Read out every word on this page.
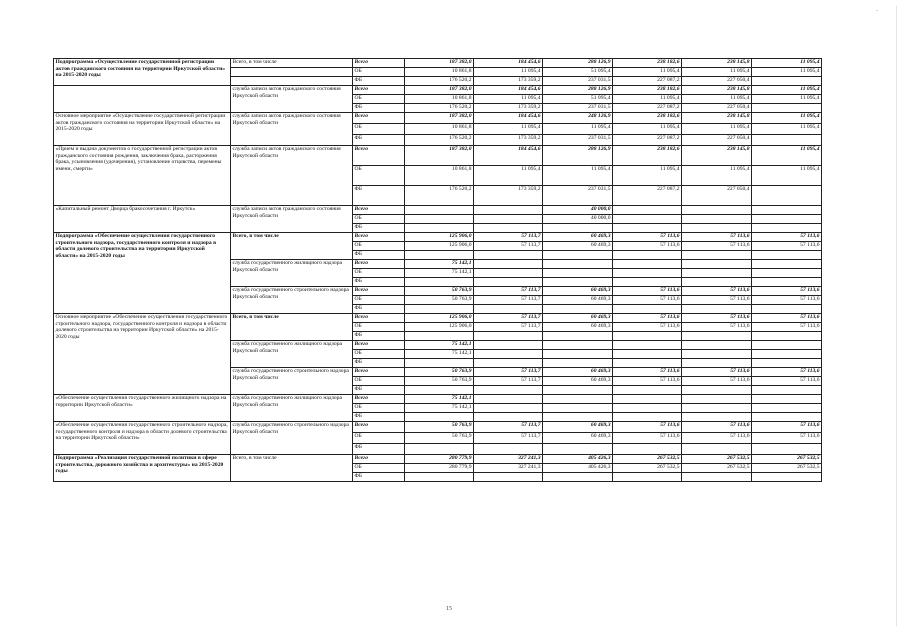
-
Подпрограмма «Осуществление государственной регистрации актов гражданского состояния на территории Иркутской области» на 2015-2020 годы	Всего, в том числе	Всего	187 382,0	184 454,6	288 126,9	238 182,6	238 145,8	11 095,4
		ОБ	10 861,8	11 095,4	51 095,4	11 095,4	11 095,4	11 095,4
		ФБ	176 520,2	173 359,2	237 031,5	227 087,2	227 050,4	
	служба записи актов гражданского состояния Иркутской области	Всего	187 382,0	184 454,6	288 126,9	238 182,6	238 145,8	11 095,4
		ОБ	10 861,8	11 095,4	51 095,4	11 095,4	11 095,4	11 095,4
		ФБ	176 520,2	173 359,2	237 031,5	227 087,2	227 050,4	
Основное мероприятие «Осуществление государственной регистрации актов гражданского состояния на территории Иркутской области» на 2015-2020 годы	служба записи актов гражданского состояния Иркутской области	Всего	187 382,0	184 454,6	248 126,9	238 182,6	238 145,8	11 095,4
		ОБ	10 861,8	11 095,4	11 095,4	11 095,4	11 095,4	11 095,4
		ФБ	176 520,2	173 359,2	237 031,5	227 087,2	227 050,4	
«Прием и выдача документов о государственной регистрации актов гражданского состояния рождения, заключения брака, расторжения брака, усыновления (удочерения), установление отцовства, перемены имени, смерти»	служба записи актов гражданского состояния Иркутской области	Всего	187 382,0	184 454,6	288 126,9	238 182,6	238 145,8	11 095,4
		ОБ	10 861,8	11 095,4	11 095,4	11 095,4	11 095,4	11 095,4
		ФБ	176 520,2	173 359,2	237 031,5	227 087,2	227 050,4	
«Капитальный ремонт Дворца бракосочетания г. Иркутск»	служба записи актов гражданского состояния Иркутской области	Всего			40 000,0			
		ОБ			40 000,0			
		ФБ						
Подпрограмма «Обеспечение осуществления государственного строительного надзора, государственного контроля и надзора в области долевого строительства на территории Иркутской области» на 2015-2020 годы	Всего, в том числе	Всего	125 906,0	57 113,7	60 469,3	57 113,6	57 113,6	57 113,6
		ОБ	125 906,0	57 113,7	60 469,3	57 113,6	57 113,6	57 113,6
		ФБ						
	служба государственного жилищного надзора Иркутской области	Всего	75 142,1					
		ОБ	75 142,1					
		ФБ						
	служба государственного строительного надзора Иркутской области	Всего	50 763,9	57 113,7	60 469,3	57 113,6	57 113,6	57 113,6
		ОБ	50 763,9	57 113,7	60 469,3	57 113,6	57 113,6	57 113,6
		ФБ						
Основное мероприятие «Обеспечение осуществления государственного строительного надзора, государственного контроля и надзора в области долевого строительства на территории Иркутской области» на 2015-2020 годы	Всего, в том числе	Всего	125 906,0	57 113,7	60 469,3	57 113,6	57 113,6	57 113,6
		ОБ	125 906,0	57 113,7	60 469,3	57 113,6	57 113,6	57 113,6
		ФБ						
	служба государственного жилищного надзора Иркутской области	Всего	75 142,1					
		ОБ	75 142,1					
		ФБ						
	служба государственного строительного надзора Иркутской области	Всего	50 763,9	57 113,7	60 469,3	57 113,6	57 113,6	57 113,6
		ОБ	50 763,9	57 113,7	60 469,3	57 113,6	57 113,6	57 113,6
		ФБ						
«Обеспечение осуществления государственного жилищного надзора на территории Иркутской области»	служба государственного жилищного надзора Иркутской области	Всего	75 142,1					
		ОБ	75 142,1					
		ФБ						
«Обеспечение осуществления государственного строительного надзора, государственного контроля и надзора в области долевого строительства на территории Иркутской области»	служба государственного строительного надзора Иркутской области	Всего	50 763,9	57 113,7	60 469,3	57 113,6	57 113,6	57 113,6
		ОБ	50 763,9	57 113,7	60 469,3	57 113,6	57 113,6	57 113,6
		ФБ						
Подпрограмма «Реализация государственной политики в сфере строительства, дорожного хозяйства и архитектуры» на 2015-2020 годы	Всего, в том числе	Всего	280 779,9	327 241,3	405 426,3	267 532,5	267 532,5	267 532,5
		ОБ	280 779,9	327 241,3	405 426,3	267 532,5	267 532,5	267 532,5
		ФБ						
15
